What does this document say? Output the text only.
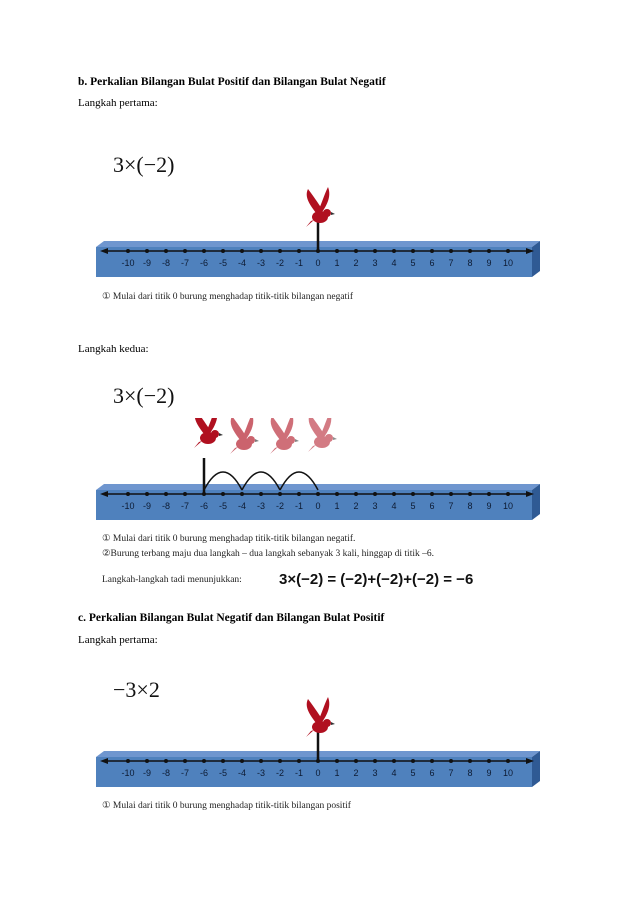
b. Perkalian Bilangan Bulat Positif dan Bilangan Bulat Negatif
Langkah pertama:
3×(−2)
-10 -9 -8 -7 -6 -5 -4 -3 -2 -1 0 1 2 3 4 5 6 7 8 9 10
① Mulai dari titik 0 burung menghadap titik-titik bilangan negatif
Langkah kedua:
3×(−2)
-10 -9 -8 -7 -6 -5 -4 -3 -2 -1 0 1 2 3 4 5 6 7 8 9 10
① Mulai dari titik 0 burung menghadap titik-titik bilangan negatif.
②Burung terbang maju dua langkah – dua langkah sebanyak 3 kali, hinggap di titik –6.
Langkah-langkah tadi menunjukkan: 3×(−2) = (−2)+(−2)+(−2) = −6
c. Perkalian Bilangan Bulat Negatif dan Bilangan Bulat Positif
Langkah pertama:
−3×2
-10 -9 -8 -7 -6 -5 -4 -3 -2 -1 0 1 2 3 4 5 6 7 8 9 10
① Mulai dari titik 0 burung menghadap titik-titik bilangan positif
